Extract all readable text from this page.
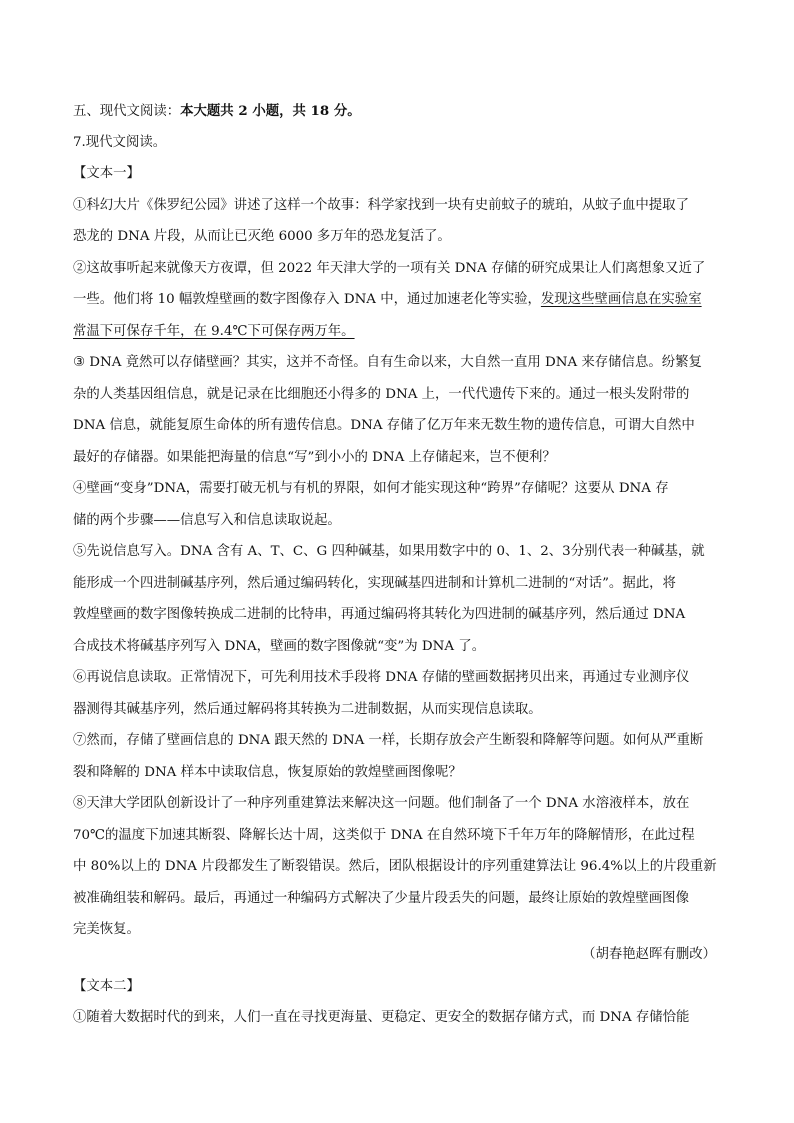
五、现代文阅读：本大题共 2 小题，共 18 分。
7.现代文阅读。
【文本一】
①科幻大片《侏罗纪公园》讲述了这样一个故事：科学家找到一块有史前蚊子的琥珀，从蚊子血中提取了
恐龙的 DNA 片段，从而让已灭绝 6000 多万年的恐龙复活了。
②这故事听起来就像天方夜谭，但 2022 年天津大学的一项有关 DNA 存储的研究成果让人们离想象又近了
一些。他们将 10 幅敦煌壁画的数字图像存入 DNA 中，通过加速老化等实验，发现这些壁画信息在实验室
常温下可保存千年，在 9.4℃下可保存两万年。
③ DNA 竟然可以存储壁画？其实，这并不奇怪。自有生命以来，大自然一直用 DNA 来存储信息。纷繁复
杂的人类基因组信息，就是记录在比细胞还小得多的 DNA 上，一代代遗传下来的。通过一根头发附带的
DNA 信息，就能复原生命体的所有遗传信息。DNA 存储了亿万年来无数生物的遗传信息，可谓大自然中
最好的存储器。如果能把海量的信息“写”到小小的 DNA 上存储起来，岂不便利？
④壁画“变身”DNA，需要打破无机与有机的界限，如何才能实现这种“跨界”存储呢？这要从 DNA 存
储的两个步骤——信息写入和信息读取说起。
⑤先说信息写入。DNA 含有 A、T、C、G 四种碱基，如果用数字中的 0、1、2、3分别代表一种碱基，就
能形成一个四进制碱基序列，然后通过编码转化，实现碱基四进制和计算机二进制的“对话”。据此，将
敦煌壁画的数字图像转换成二进制的比特串，再通过编码将其转化为四进制的碱基序列，然后通过 DNA
合成技术将碱基序列写入 DNA，壁画的数字图像就“变”为 DNA 了。
⑥再说信息读取。正常情况下，可先利用技术手段将 DNA 存储的壁画数据拷贝出来，再通过专业测序仪
器测得其碱基序列，然后通过解码将其转换为二进制数据，从而实现信息读取。
⑦然而，存储了壁画信息的 DNA 跟天然的 DNA 一样，长期存放会产生断裂和降解等问题。如何从严重断
裂和降解的 DNA 样本中读取信息，恢复原始的敦煌壁画图像呢？
⑧天津大学团队创新设计了一种序列重建算法来解决这一问题。他们制备了一个 DNA 水溶液样本，放在
70℃的温度下加速其断裂、降解长达十周，这类似于 DNA 在自然环境下千年万年的降解情形，在此过程
中 80%以上的 DNA 片段都发生了断裂错误。然后，团队根据设计的序列重建算法让 96.4%以上的片段重新
被准确组装和解码。最后，再通过一种编码方式解决了少量片段丢失的问题，最终让原始的敦煌壁画图像
完美恢复。
（胡春艳赵晖有删改）
【文本二】
①随着大数据时代的到来，人们一直在寻找更海量、更稳定、更安全的数据存储方式，而 DNA 存储恰能
